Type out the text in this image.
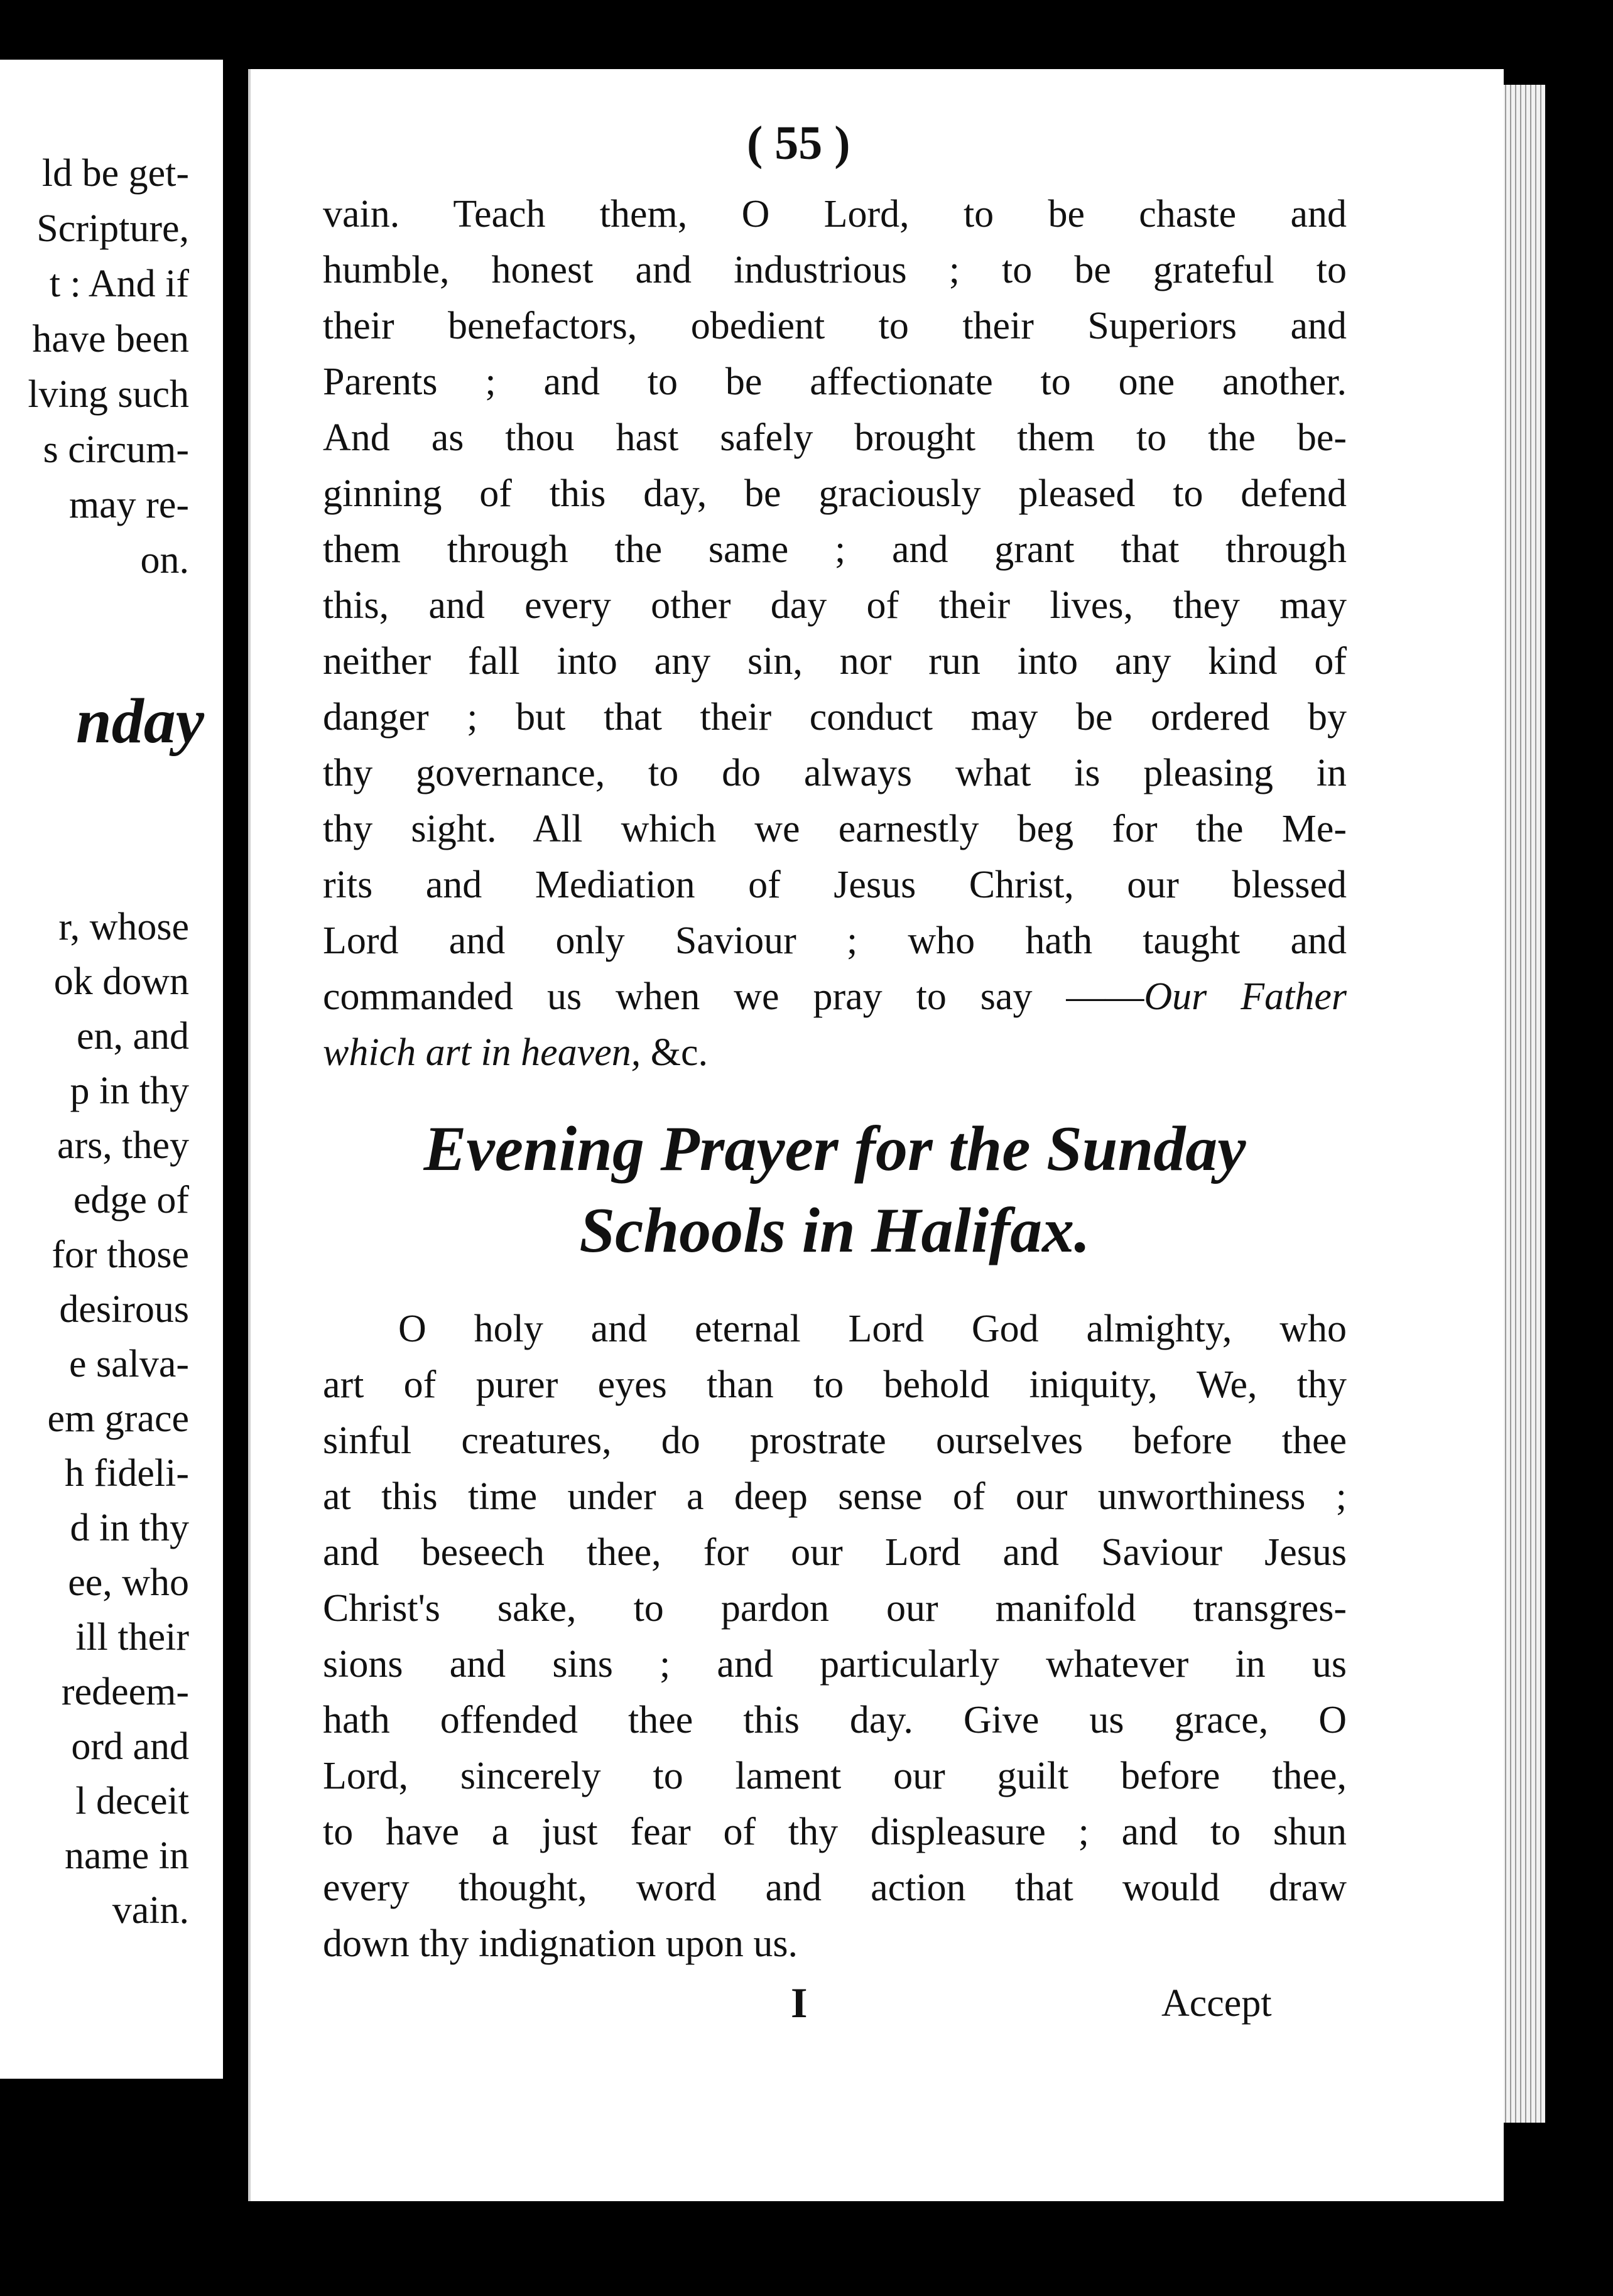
ld be get-
Scripture,
t : And if
have been
lving such
s circum-
may re-
on.
nday
r, whose
ok down
en, and
p in thy
ars, they
edge of
for those
desirous
e salva-
em grace
h fideli-
d in thy
ee, who
ill their
redeem-
ord and
l deceit
name in
vain.
( 55 )
vain. Teach them, O Lord, to be chaste and
humble, honest and industrious ; to be grateful to
their benefactors, obedient to their Superiors and
Parents ; and to be affectionate to one another.
And as thou hast safely brought them to the be-
ginning of this day, be graciously pleased to defend
them through the same ; and grant that through
this, and every other day of their lives, they may
neither fall into any sin, nor run into any kind of
danger ; but that their conduct may be ordered by
thy governance, to do always what is pleasing in
thy sight. All which we earnestly beg for the Me-
rits and Mediation of Jesus Christ, our blessed
Lord and only Saviour ; who hath taught and
commanded us when we pray to say ——Our Father
which art in heaven, &c.
Evening Prayer for the Sunday
Schools in Halifax.
O holy and eternal Lord God almighty, who
art of purer eyes than to behold iniquity, We, thy
sinful creatures, do prostrate ourselves before thee
at this time under a deep sense of our unworthiness ;
and beseech thee, for our Lord and Saviour Jesus
Christ's sake, to pardon our manifold transgres-
sions and sins ; and particularly whatever in us
hath offended thee this day. Give us grace, O
Lord, sincerely to lament our guilt before thee,
to have a just fear of thy displeasure ; and to shun
every thought, word and action that would draw
down thy indignation upon us.
I	Accept
